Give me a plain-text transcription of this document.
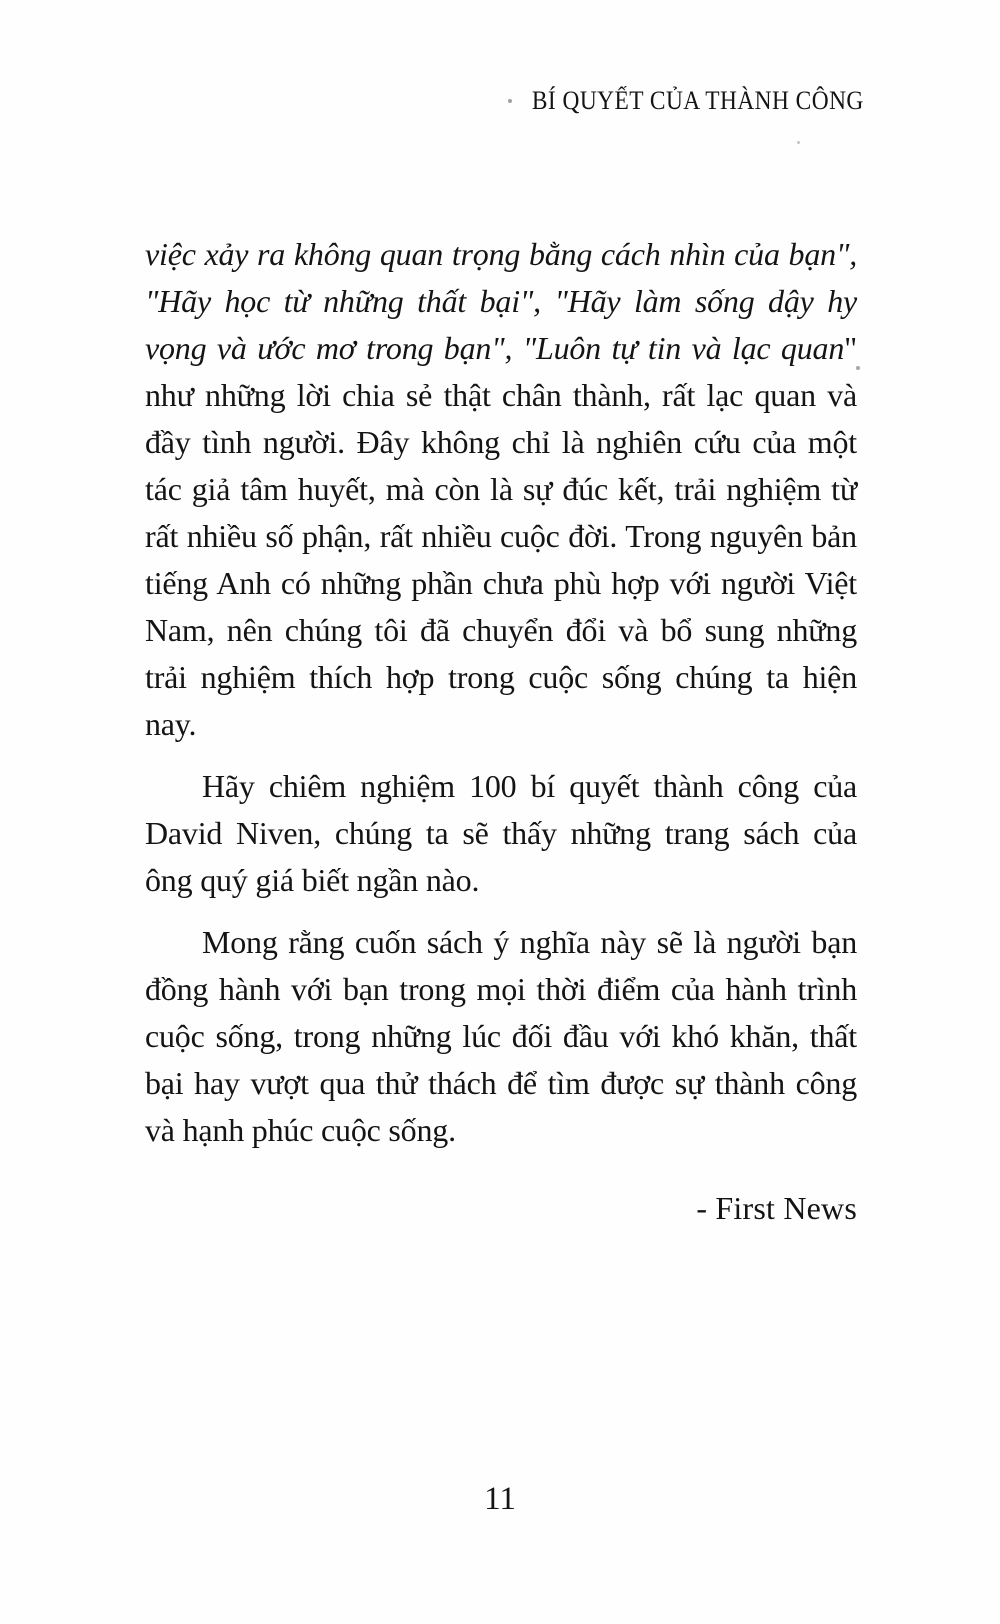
BÍ QUYẾT CỦA THÀNH CÔNG

việc xảy ra không quan trọng bằng cách nhìn của bạn", "Hãy học từ những thất bại", "Hãy làm sống dậy hy vọng và ước mơ trong bạn", "Luôn tự tin và lạc quan" như những lời chia sẻ thật chân thành, rất lạc quan và đầy tình người. Đây không chỉ là nghiên cứu của một tác giả tâm huyết, mà còn là sự đúc kết, trải nghiệm từ rất nhiều số phận, rất nhiều cuộc đời. Trong nguyên bản tiếng Anh có những phần chưa phù hợp với người Việt Nam, nên chúng tôi đã chuyển đổi và bổ sung những trải nghiệm thích hợp trong cuộc sống chúng ta hiện nay.

Hãy chiêm nghiệm 100 bí quyết thành công của David Niven, chúng ta sẽ thấy những trang sách của ông quý giá biết ngần nào.

Mong rằng cuốn sách ý nghĩa này sẽ là người bạn đồng hành với bạn trong mọi thời điểm của hành trình cuộc sống, trong những lúc đối đầu với khó khăn, thất bại hay vượt qua thử thách để tìm được sự thành công và hạnh phúc cuộc sống.

- First News
11
